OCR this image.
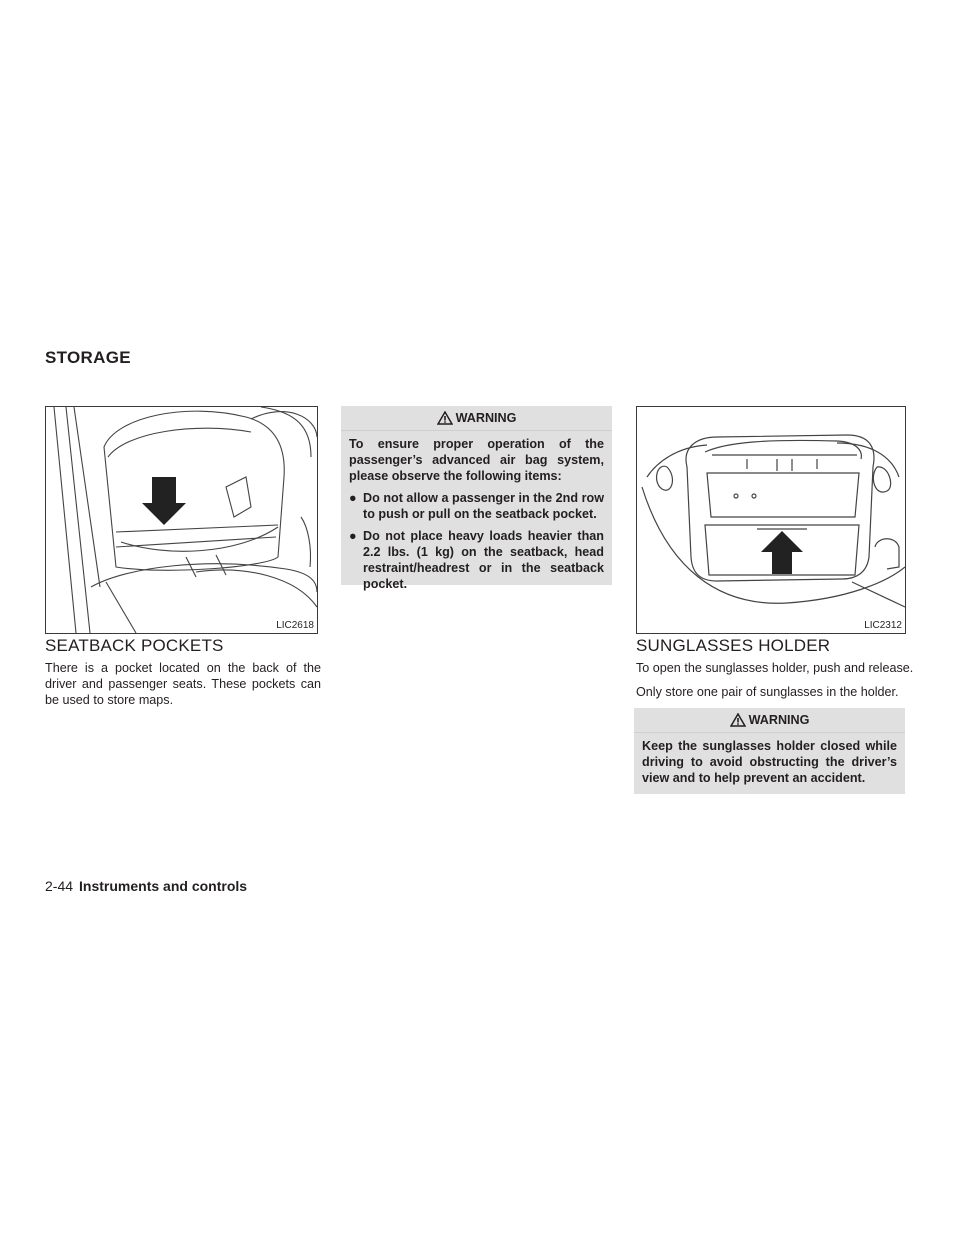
STORAGE
LIC2618
SEATBACK POCKETS
There is a pocket located on the back of the driver and passenger seats. These pockets can be used to store maps.
WARNING

To ensure proper operation of the passenger’s advanced air bag system, please observe the following items:

● Do not allow a passenger in the 2nd row to push or pull on the seatback pocket.
● Do not place heavy loads heavier than 2.2 lbs. (1 kg) on the seatback, head restraint/headrest or in the seatback pocket.
LIC2312
SUNGLASSES HOLDER
To open the sunglasses holder, push and release.
Only store one pair of sunglasses in the holder.
WARNING
Keep the sunglasses holder closed while driving to avoid obstructing the driver’s view and to help prevent an accident.
2-44 Instruments and controls
